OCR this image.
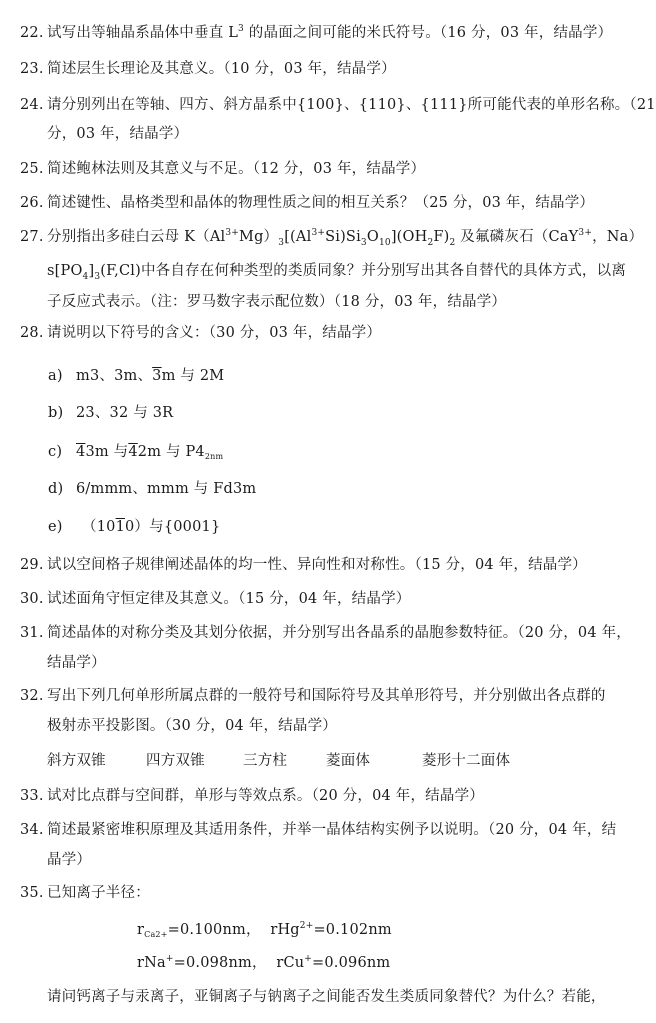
22. 试写出等轴晶系晶体中垂直 $L^3$ 的晶面之间可能的米氏符号。（16 分，03 年，结晶学）
23. 简述层生长理论及其意义。（10 分，03 年，结晶学）
24. 请分别列出在等轴、四方、斜方晶系中{100}、{110}、{111}所可能代表的单形名称。（21
分，03 年，结晶学）
25. 简述鲍林法则及其意义与不足。（12 分，03 年，结晶学）
26. 简述键性、晶格类型和晶体的物理性质之间的相互关系？（25 分，03 年，结晶学）
27. 分别指出多硅白云母 $K(Al^{3+}Mg)_3[(Al^{3+}Si)Si_3O_{10}](OH_2F)_2$ 及氟磷灰石（CaY$^{3+}$，Na）
$s[PO_4]_3(F,Cl)$中各自存在何种类型的类质同象？并分别写出其各自替代的具体方式，以离
子反应式表示。（注：罗马数字表示配位数）（18 分，03 年，结晶学）
28. 请说明以下符号的含义：（30 分，03 年，结晶学）
a) m3、3m、3m 与 2M
b) 23、32 与 3R
c) 43m 与42m 与 $P4_{2nm}$
d) 6/mmm、mmm 与 Fd3m
e) （1010）与{0001}
29. 试以空间格子规律阐述晶体的均一性、异向性和对称性。（15 分，04 年，结晶学）
30. 试述面角守恒定律及其意义。（15 分，04 年，结晶学）
31. 简述晶体的对称分类及其划分依据，并分别写出各晶系的晶胞参数特征。（20 分，04 年，
结晶学）
32. 写出下列几何单形所属点群的一般符号和国际符号及其单形符号，并分别做出各点群的
极射赤平投影图。（30 分，04 年，结晶学）
斜方双锥	四方双锥	三方柱	菱面体	菱形十二面体
33. 试对比点群与空间群，单形与等效点系。（20 分，04 年，结晶学）
34. 简述最紧密堆积原理及其适用条件，并举一晶体结构实例予以说明。（20 分，04 年，结
晶学）
35. 已知离子半径：
$r_{Ca2+}=0.100nm$， rHg$^{2+}$=0.102nm
rNa+=0.098nm， rCu+=0.096nm
请问钙离子与汞离子，亚铜离子与钠离子之间能否发生类质同象替代？为什么？若能，
